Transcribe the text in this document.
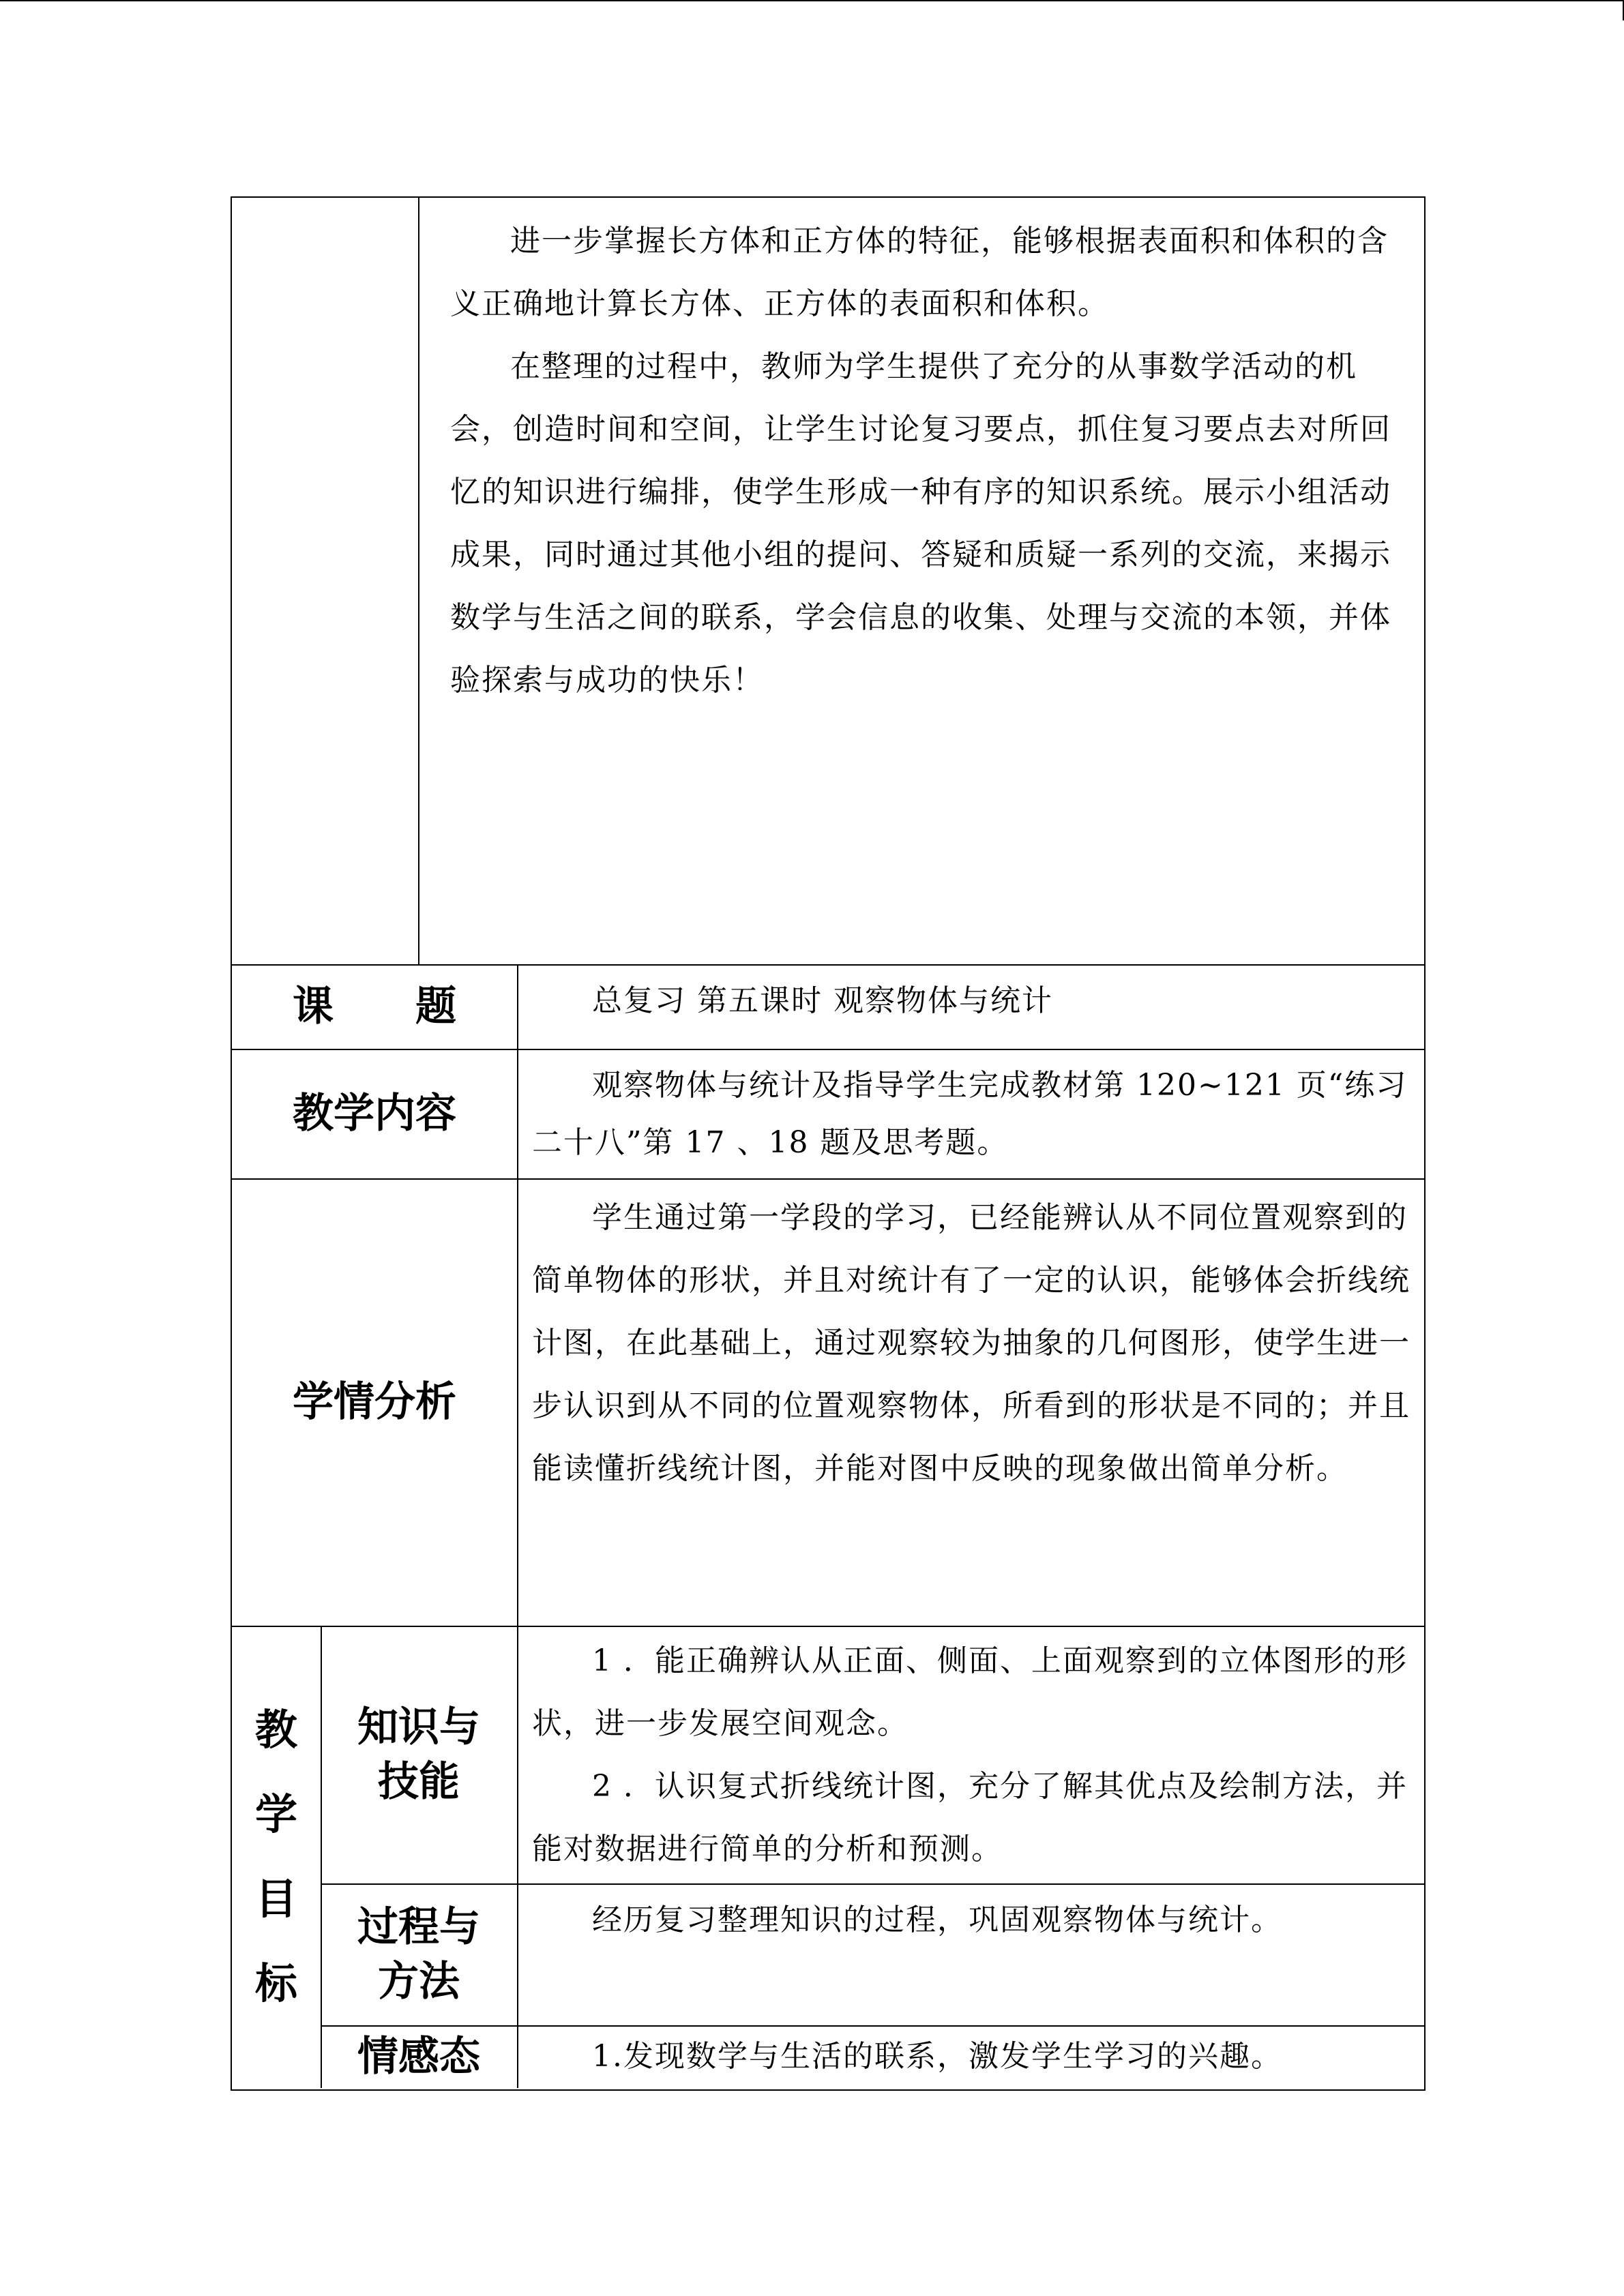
进一步掌握长方体和正方体的特征，能够根据表面积和体积的含义正确地计算长方体、正方体的表面积和体积。

在整理的过程中，教师为学生提供了充分的从事数学活动的机会，创造时间和空间，让学生讨论复习要点，抓住复习要点去对所回忆的知识进行编排，使学生形成一种有序的知识系统。展示小组活动成果，同时通过其他小组的提问、答疑和质疑一系列的交流，来揭示数学与生活之间的联系，学会信息的收集、处理与交流的本领，并体验探索与成功的快乐！

课　　题	总复习 第五课时 观察物体与统计

教学内容

观察物体与统计及指导学生完成教材第 120~121 页“练习二十八”第 17 、18 题及思考题。

学情分析

学生通过第一学段的学习，已经能辨认从不同位置观察到的简单物体的形状，并且对统计有了一定的认识，能够体会折线统计图，在此基础上，通过观察较为抽象的几何图形，使学生进一步认识到从不同的位置观察物体，所看到的形状是不同的；并且能读懂折线统计图，并能对图中反映的现象做出简单分析。

教
学
目
标
知识与
技能

1 ．能正确辨认从正面、侧面、上面观察到的立体图形的形状，进一步发展空间观念。

2 ．认识复式折线统计图，充分了解其优点及绘制方法，并能对数据进行简单的分析和预测。

过程与
方法

经历复习整理知识的过程，巩固观察物体与统计。

情感态	1.发现数学与生活的联系，激发学生学习的兴趣。
